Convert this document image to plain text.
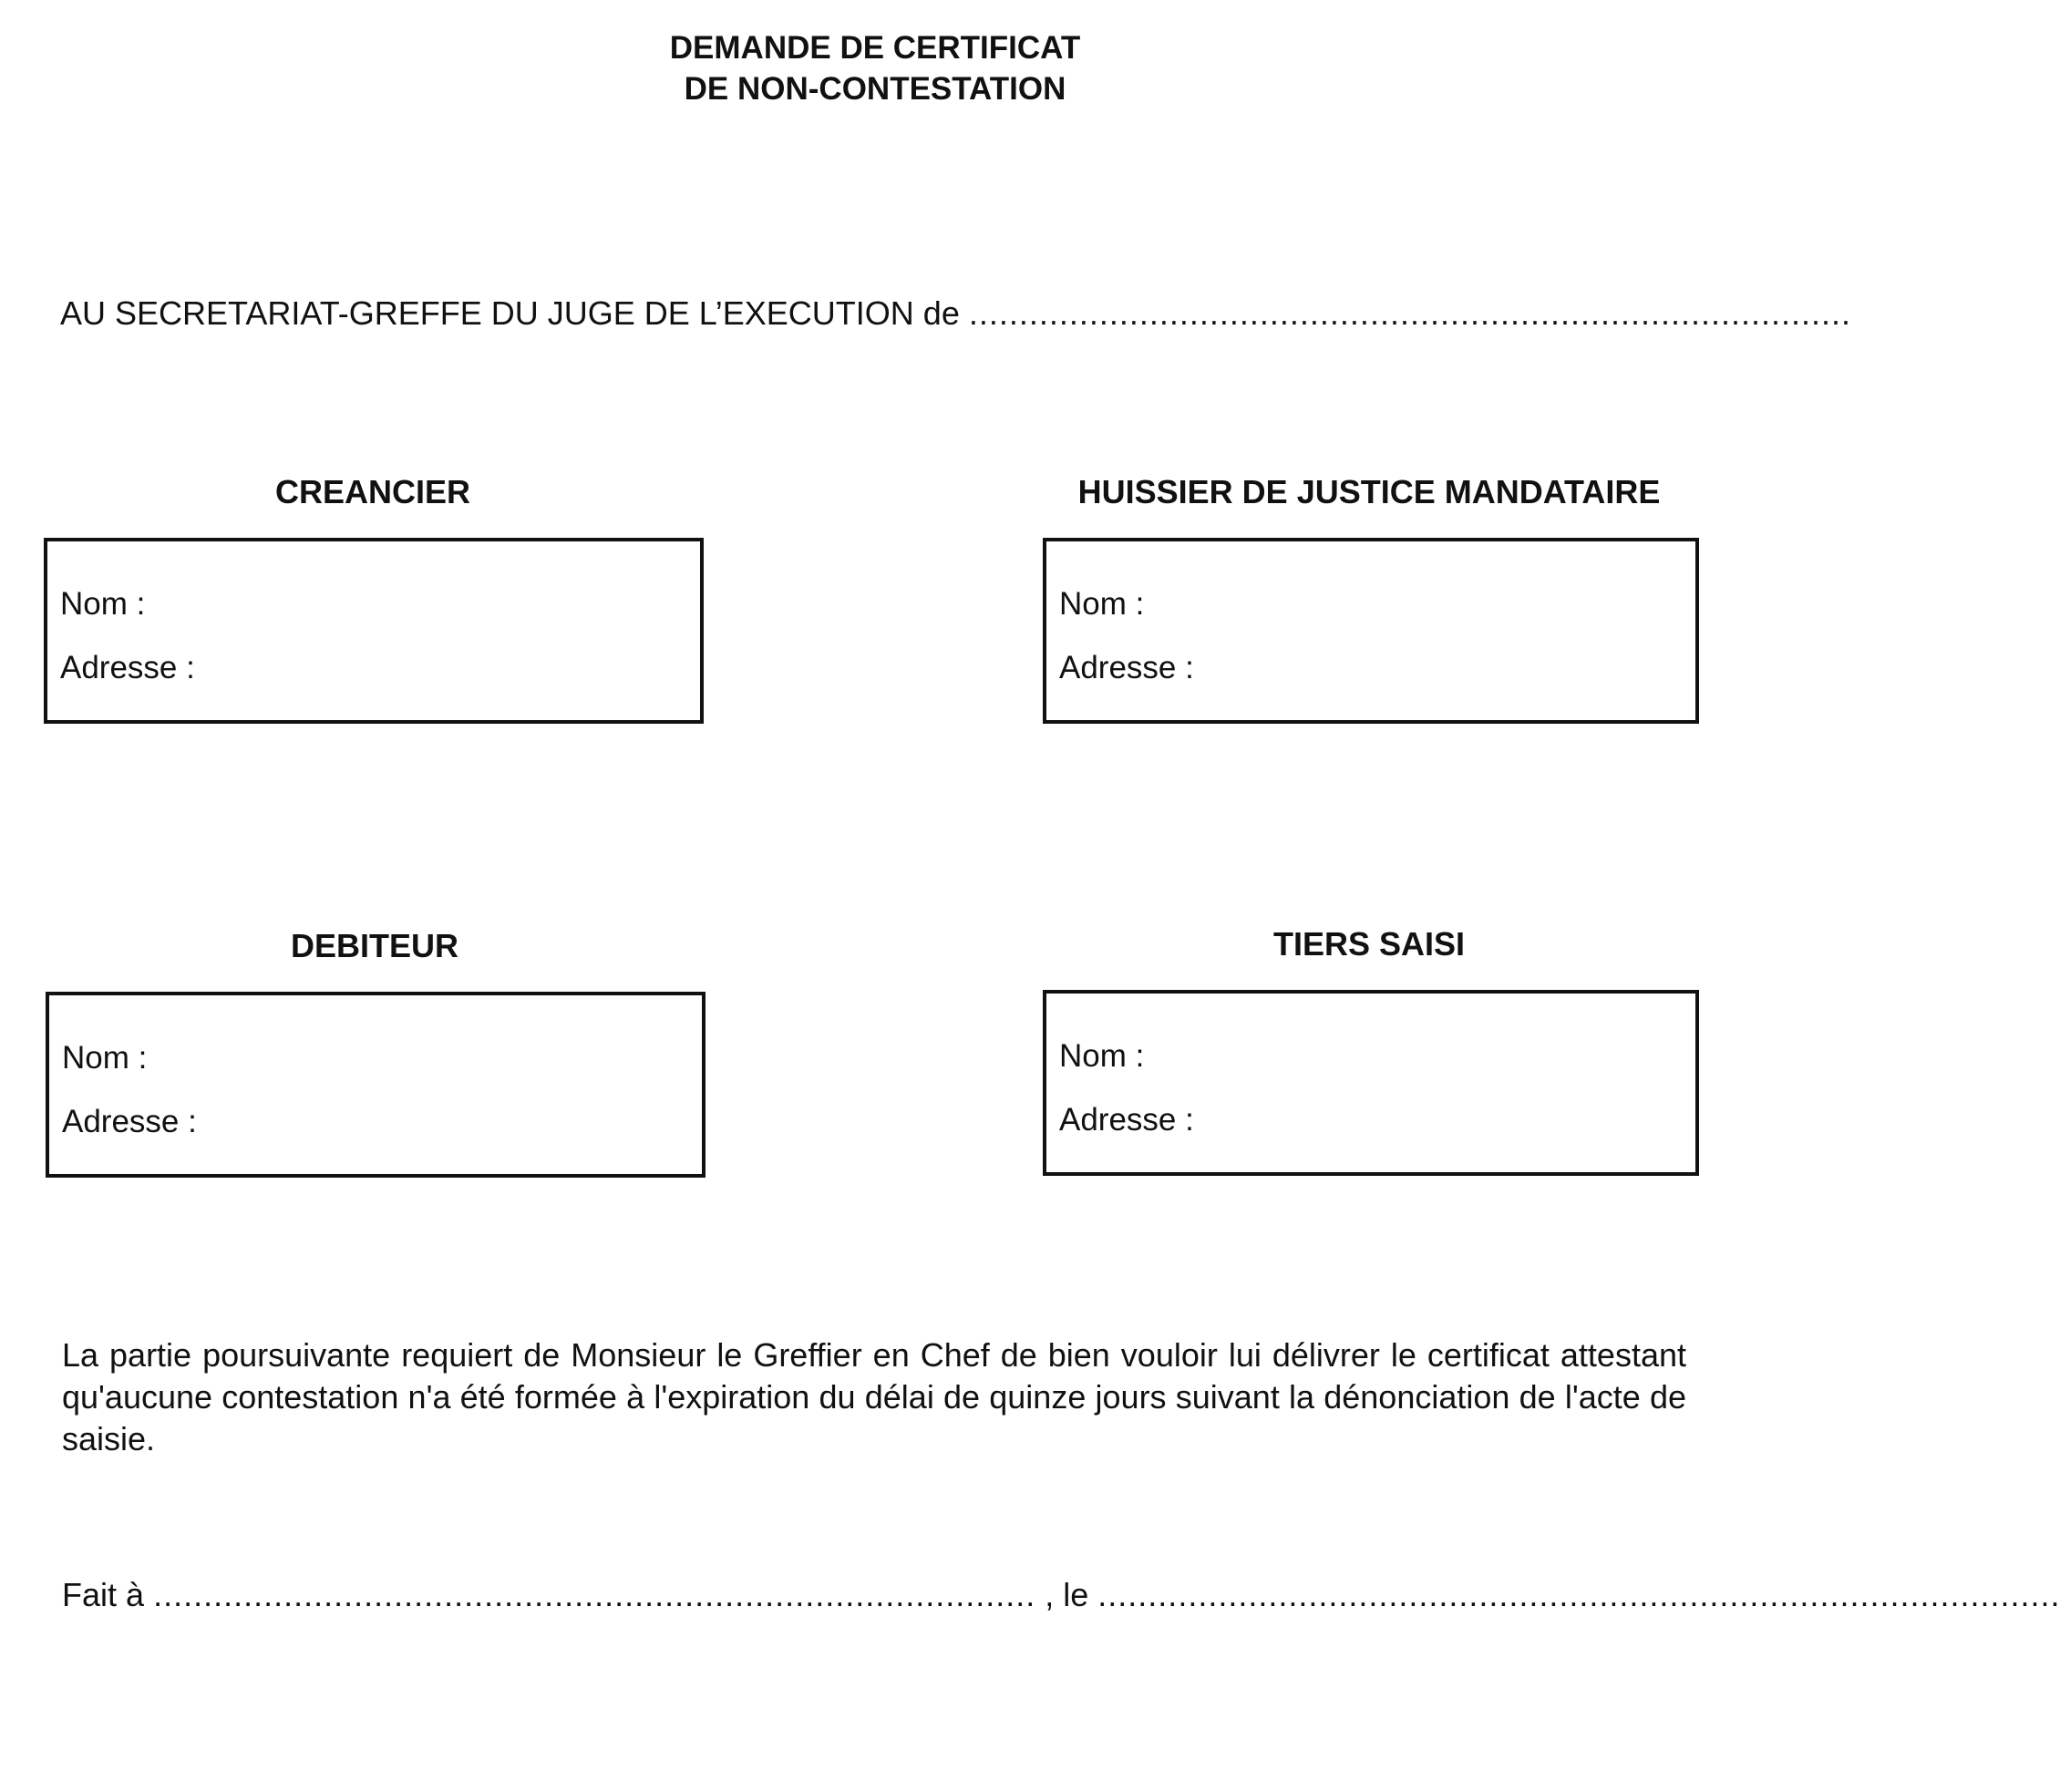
DEMANDE DE CERTIFICAT
DE NON-CONTESTATION
AU SECRETARIAT-GREFFE DU JUGE DE L’EXECUTION de ........................................................................................
CREANCIER
Nom :
Adresse :
HUISSIER DE JUSTICE MANDATAIRE
Nom :
Adresse :
DEBITEUR
Nom :
Adresse :
TIERS SAISI
Nom :
Adresse :

La partie poursuivante requiert de Monsieur le Greffier en Chef de bien vouloir lui délivrer le certificat attestant qu'aucune contestation n'a été formée à l'expiration du délai de quinze jours suivant la dénonciation de l'acte de saisie.

Fait à ........................................................................................ , le ................................................................................................
